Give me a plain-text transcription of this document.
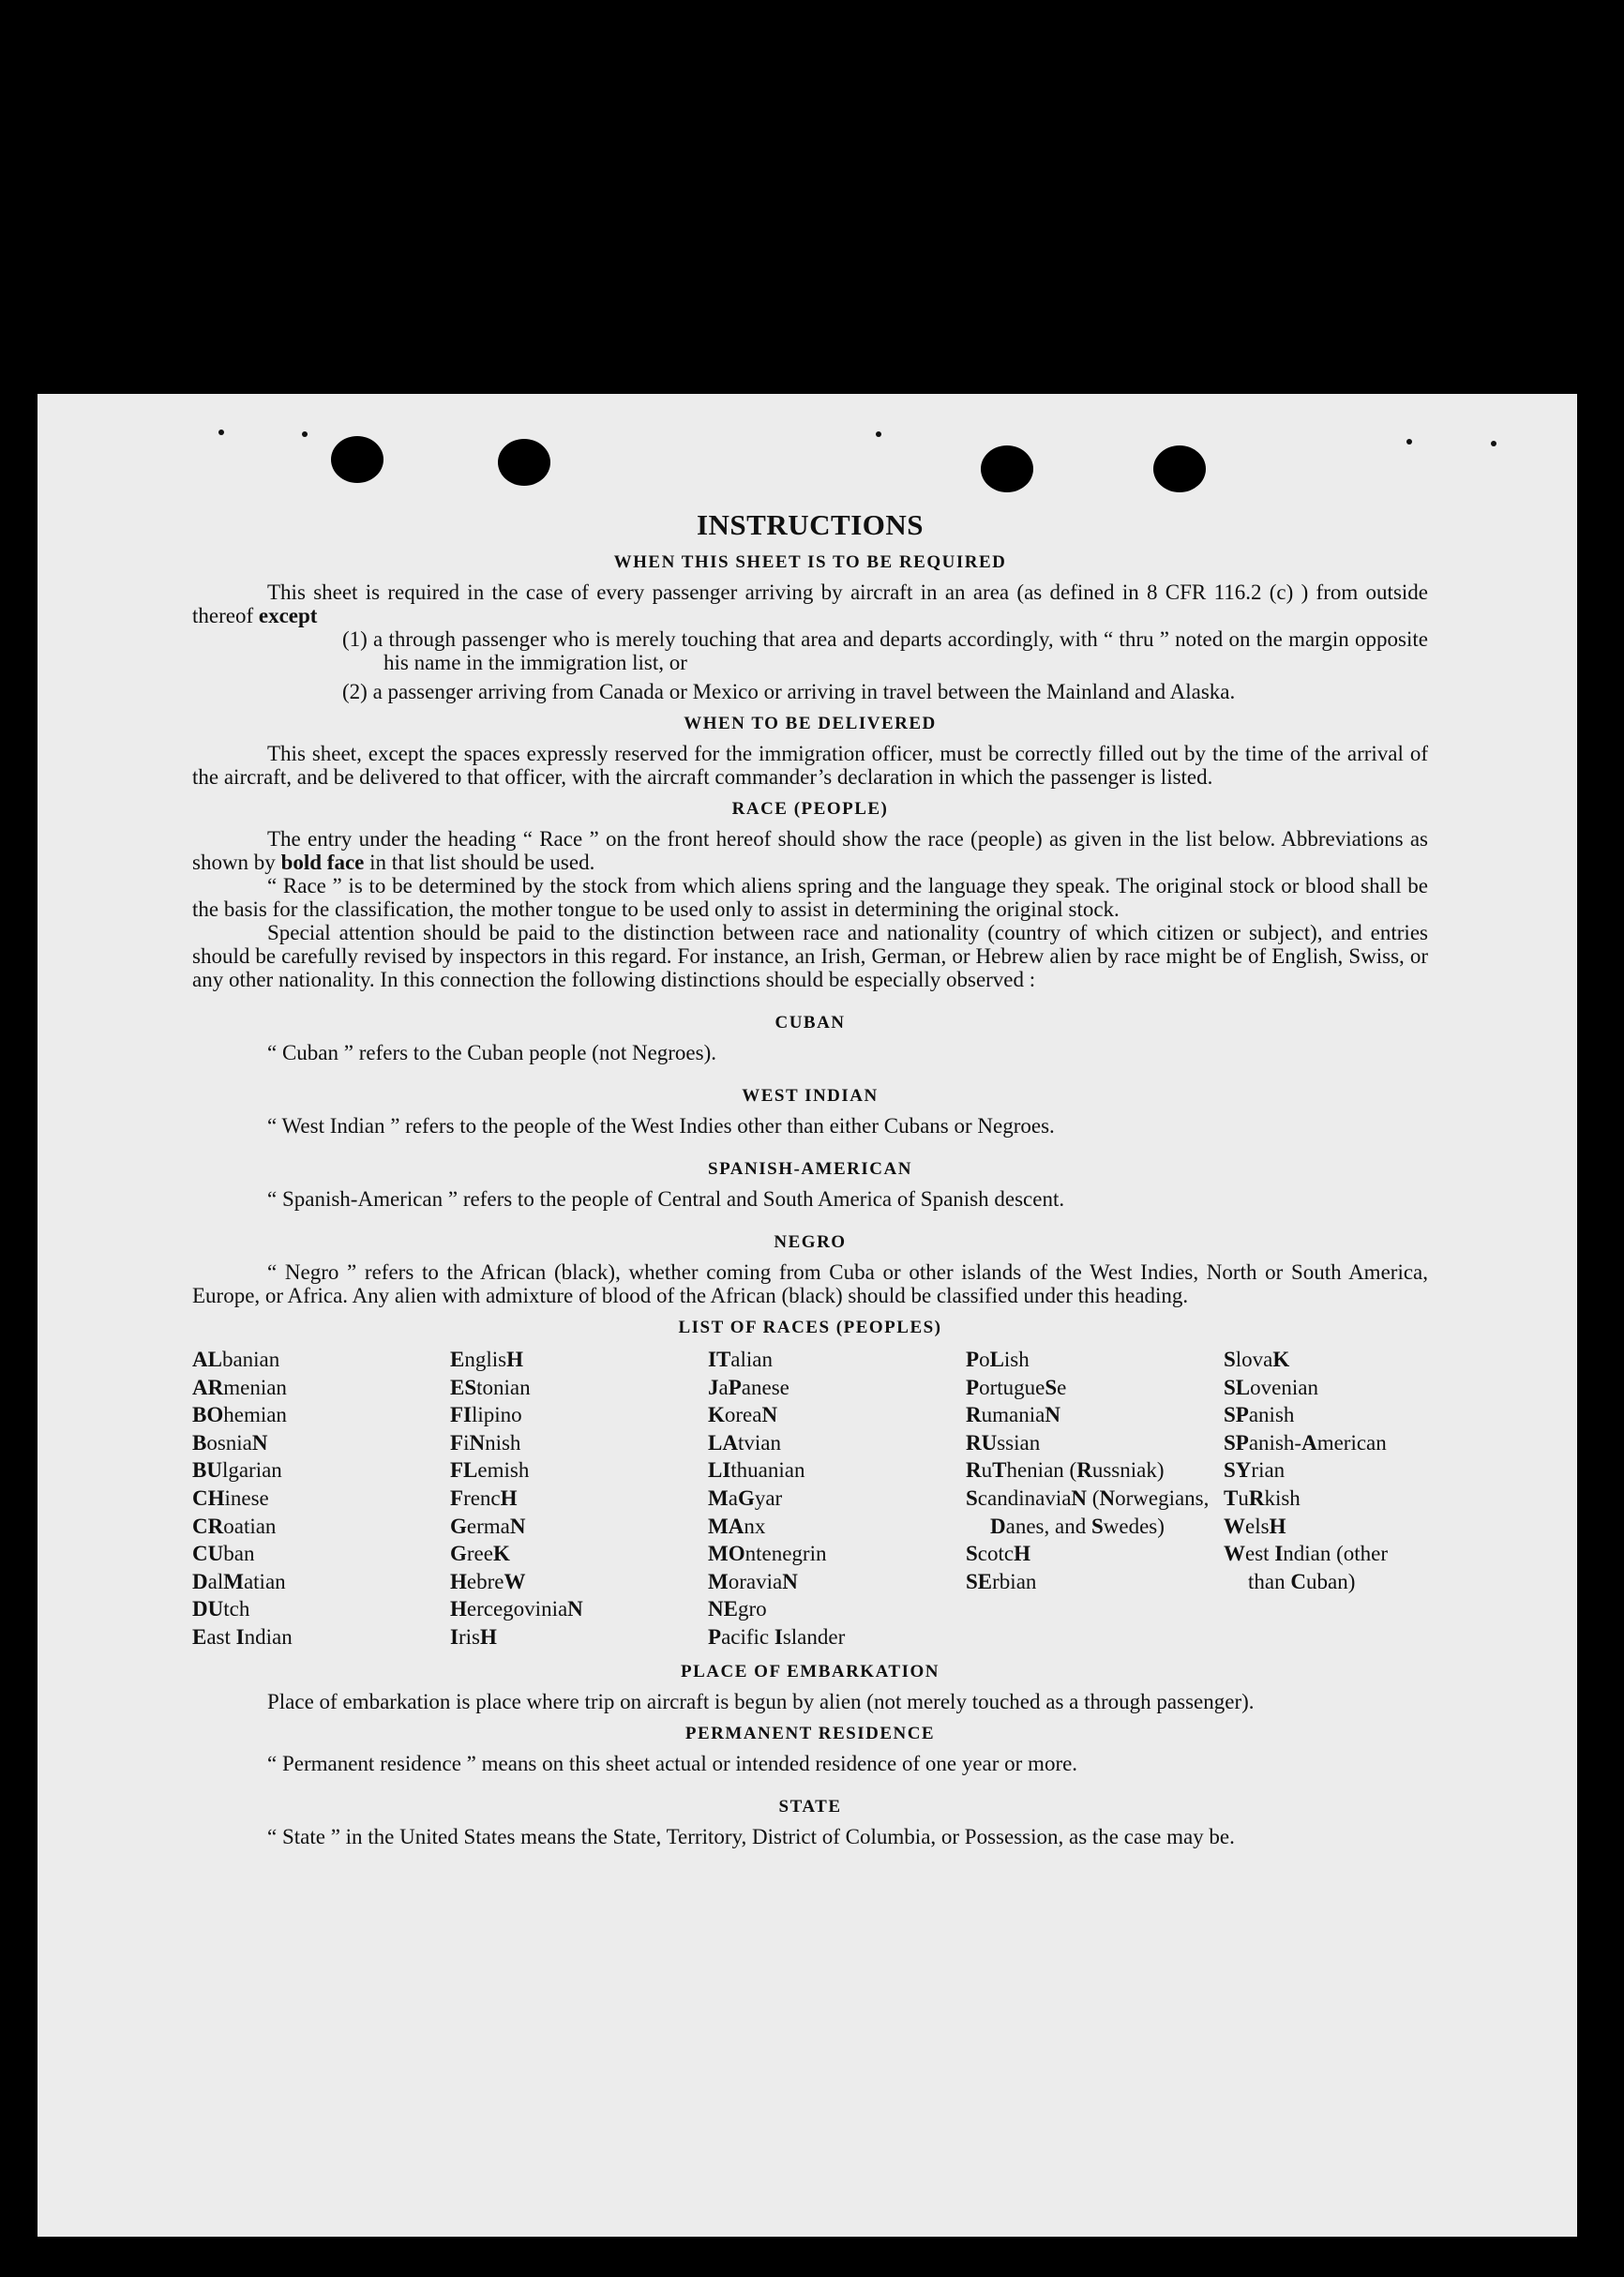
INSTRUCTIONS
WHEN THIS SHEET IS TO BE REQUIRED

This sheet is required in the case of every passenger arriving by aircraft in an area (as defined in 8 CFR 116.2 (c) ) from outside thereof except

(1) a through passenger who is merely touching that area and departs accordingly, with “ thru ” noted on the margin opposite his name in the immigration list, or

(2) a passenger arriving from Canada or Mexico or arriving in travel between the Mainland and Alaska.

WHEN TO BE DELIVERED

This sheet, except the spaces expressly reserved for the immigration officer, must be correctly filled out by the time of the arrival of the aircraft, and be delivered to that officer, with the aircraft commander’s declaration in which the passenger is listed.

RACE (PEOPLE)

The entry under the heading “ Race ” on the front hereof should show the race (people) as given in the list below. Abbreviations as shown by bold face in that list should be used.

“ Race ” is to be determined by the stock from which aliens spring and the language they speak. The original stock or blood shall be the basis for the classification, the mother tongue to be used only to assist in determining the original stock.

Special attention should be paid to the distinction between race and nationality (country of which citizen or subject), and entries should be carefully revised by inspectors in this regard. For instance, an Irish, German, or Hebrew alien by race might be of English, Swiss, or any other nationality. In this connection the following distinctions should be especially observed :

CUBAN

“ Cuban ” refers to the Cuban people (not Negroes).

WEST INDIAN

“ West Indian ” refers to the people of the West Indies other than either Cubans or Negroes.

SPANISH-AMERICAN

“ Spanish-American ” refers to the people of Central and South America of Spanish descent.

NEGRO

“ Negro ” refers to the African (black), whether coming from Cuba or other islands of the West Indies, North or South America, Europe, or Africa. Any alien with admixture of blood of the African (black) should be classified under this heading.

LIST OF RACES (PEOPLES)
ALbanian
ARmenian
BOhemian
BosniaN
BUlgarian
CHinese
CRoatian
CUban
DalMatian
DUtch
East Indian
EnglisH
EStonian
FIlipino
FiNnish
FLemish
FrencH
GermaN
GreeK
HebreW
HercegoviniaN
IrisH
ITalian
JaPanese
KoreaN
LAtvian
LIthuanian
MaGyar
MAnx
MOntenegrin
MoraviaN
NEgro
Pacific Islander
PoLish
PortugueSe
RumaniaN
RUssian
RuThenian (Russniak)
ScandinaviaN (Norwegians, Danes, and Swedes)
ScotcH
SErbian
SlovaK
SLovenian
SPanish
SPanish-American
SYrian
TuRkish
WelsH
West Indian (other than Cuban)
PLACE OF EMBARKATION

Place of embarkation is place where trip on aircraft is begun by alien (not merely touched as a through passenger).

PERMANENT RESIDENCE

“ Permanent residence ” means on this sheet actual or intended residence of one year or more.

STATE

“ State ” in the United States means the State, Territory, District of Columbia, or Possession, as the case may be.
